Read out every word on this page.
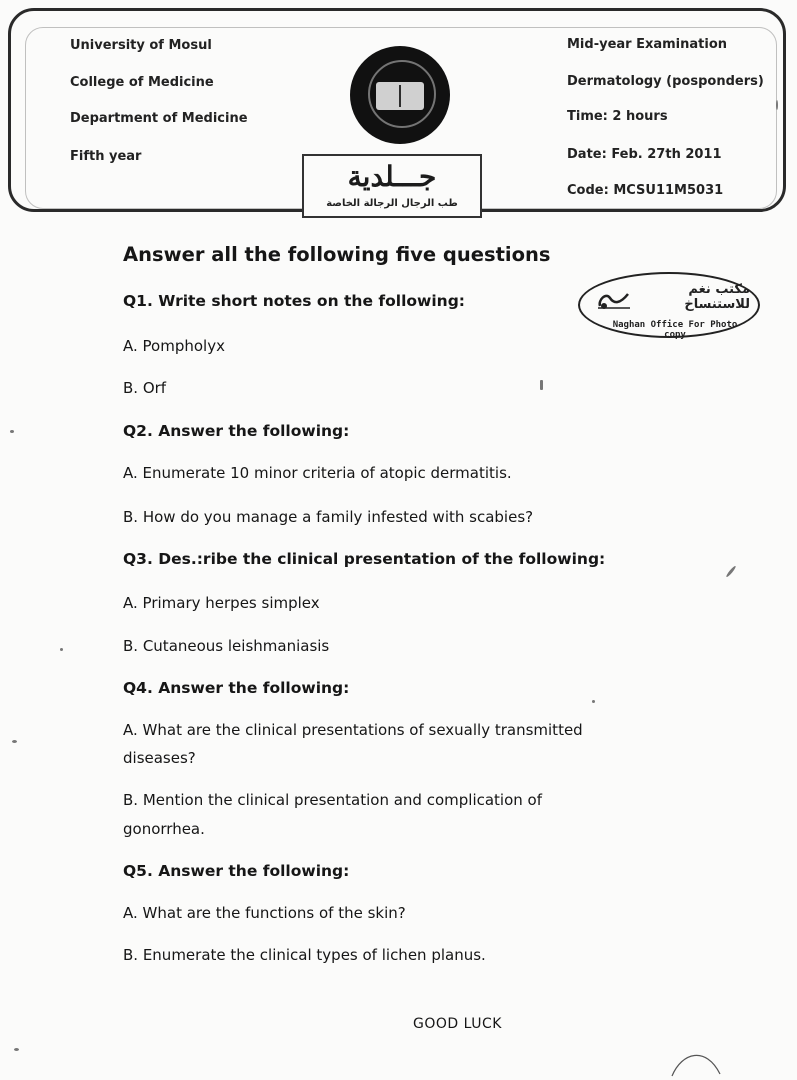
University of Mosul
College of Medicine
Department of Medicine
Fifth year
Mid-year Examination
Dermatology (posponders)
Time: 2 hours
Date: Feb. 27th 2011
Code: MCSU11M5031
جـــلدية
طب الرجال الرجالة الخاصة
مكتب نغم
للاستنساخ
Naghan Office For Photo copy
Answer all the following five questions
Q1. Write short notes on the following:
A. Pompholyx
B. Orf
Q2. Answer the following:
A. Enumerate 10 minor criteria of atopic dermatitis.
B. How do you manage a family infested with scabies?
Q3. Des.:ribe the clinical presentation of the following:
A. Primary herpes simplex
B. Cutaneous leishmaniasis
Q4. Answer the following:
A. What are the clinical presentations of sexually transmitted
diseases?
B. Mention the clinical presentation and complication of
gonorrhea.
Q5. Answer the following:
A. What are the functions of the skin?
B. Enumerate the clinical types of lichen planus.
GOOD LUCK
